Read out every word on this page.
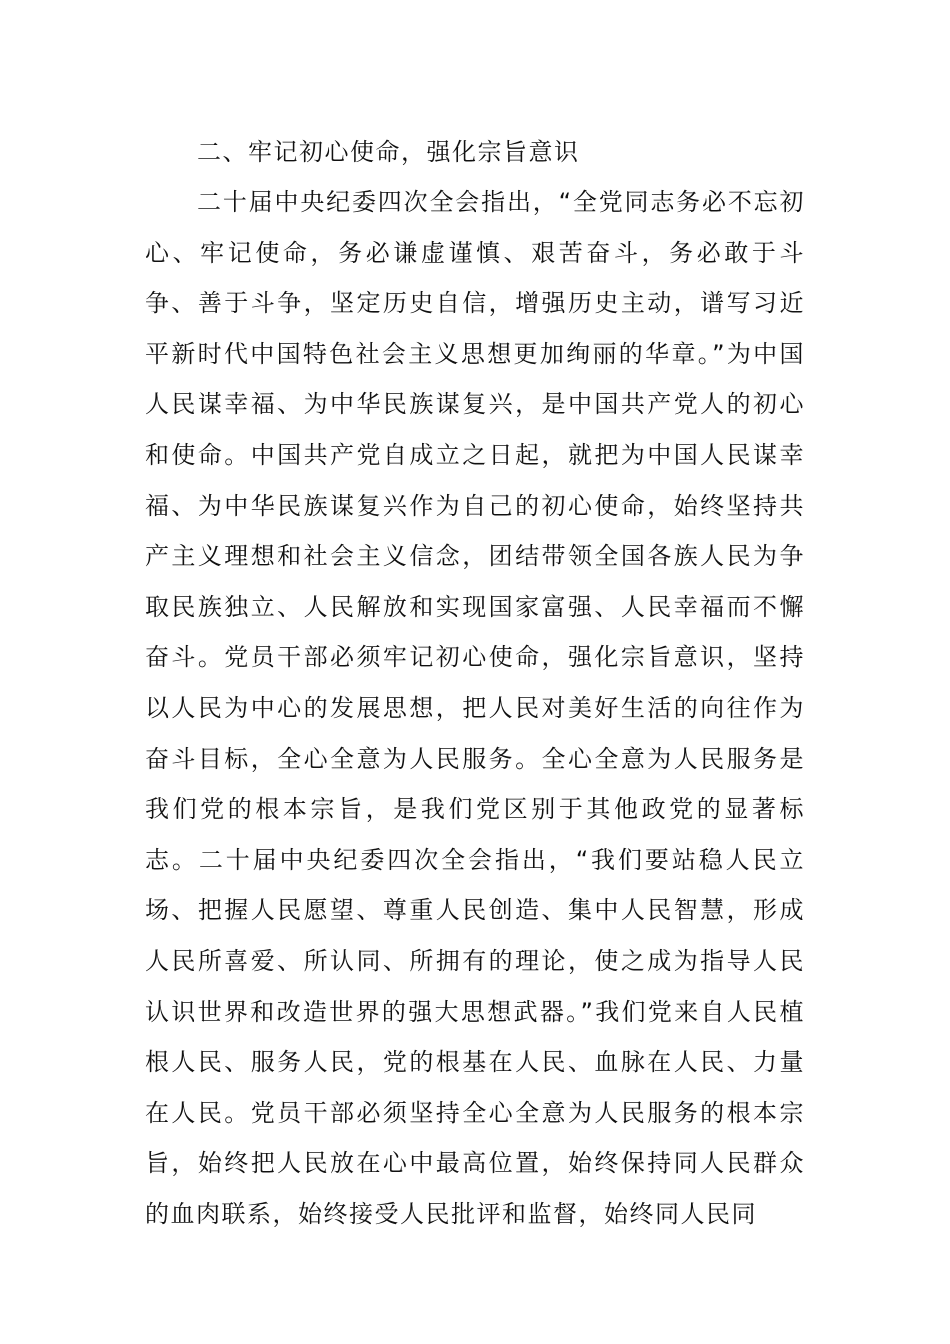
二、牢记初心使命，强化宗旨意识
二十届中央纪委四次全会指出，“全党同志务必不忘初心、牢记使命，务必谦虚谨慎、艰苦奋斗，务必敢于斗争、善于斗争，坚定历史自信，增强历史主动，谱写习近平新时代中国特色社会主义思想更加绚丽的华章。”为中国人民谋幸福、为中华民族谋复兴，是中国共产党人的初心和使命。中国共产党自成立之日起，就把为中国人民谋幸福、为中华民族谋复兴作为自己的初心使命，始终坚持共产主义理想和社会主义信念，团结带领全国各族人民为争取民族独立、人民解放和实现国家富强、人民幸福而不懈奋斗。党员干部必须牢记初心使命，强化宗旨意识，坚持以人民为中心的发展思想，把人民对美好生活的向往作为奋斗目标，全心全意为人民服务。全心全意为人民服务是我们党的根本宗旨，是我们党区别于其他政党的显著标志。二十届中央纪委四次全会指出，“我们要站稳人民立场、把握人民愿望、尊重人民创造、集中人民智慧，形成人民所喜爱、所认同、所拥有的理论，使之成为指导人民认识世界和改造世界的强大思想武器。”我们党来自人民植根人民、服务人民，党的根基在人民、血脉在人民、力量在人民。党员干部必须坚持全心全意为人民服务的根本宗旨，始终把人民放在心中最高位置，始终保持同人民群众的血肉联系，始终接受人民批评和监督，始终同人民同
